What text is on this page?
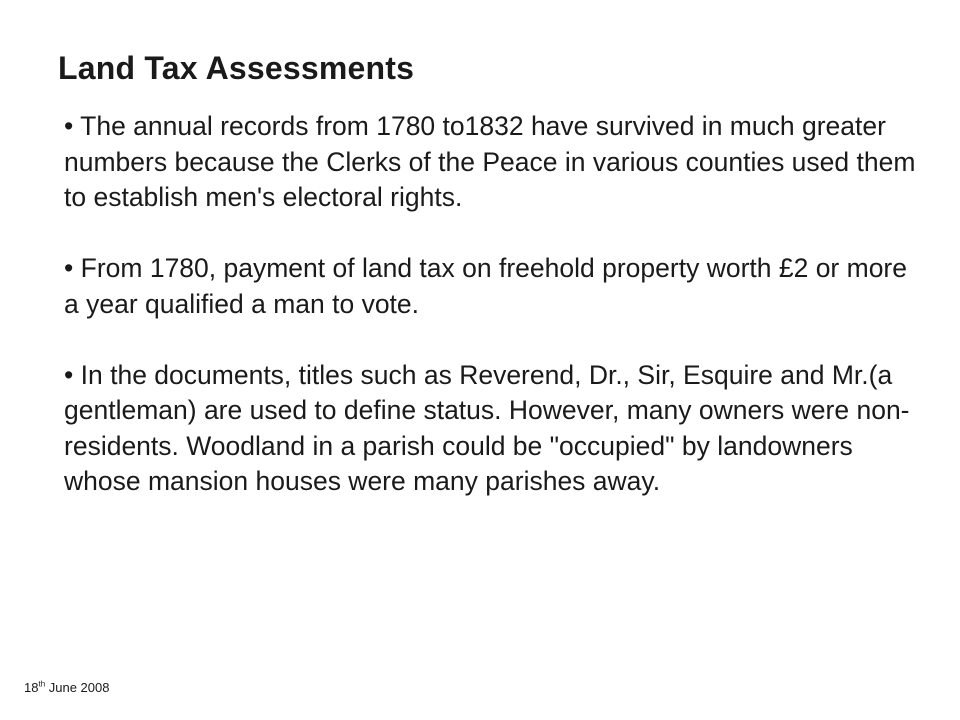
Land Tax Assessments

• The annual records from 1780 to1832 have survived in much greater numbers because the Clerks of the Peace in various counties used them to establish men's electoral rights.

• From 1780, payment of land tax on freehold property worth £2 or more a year qualified a man to vote.

• In the documents, titles such as Reverend, Dr., Sir, Esquire and Mr.(a gentleman) are used to define status. However, many owners were non-residents. Woodland in a parish could be "occupied" by landowners whose mansion houses were many parishes away.

18th June 2008
